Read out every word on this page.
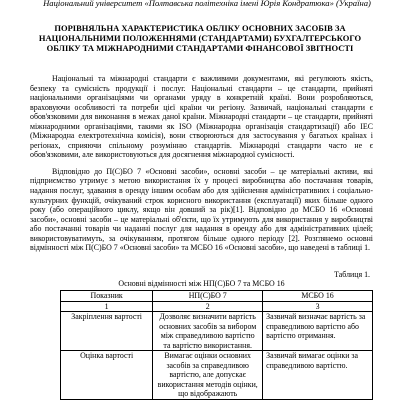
Національний університет «Полтавська політехніка імені Юрія Кондратюка» (Україна)
ПОРІВНЯЛЬНА ХАРАКТЕРИСТИКА ОБЛІКУ ОСНОВНИХ ЗАСОБІВ ЗА НАЦІОНАЛЬНИМИ ПОЛОЖЕННЯМИ (СТАНДАРТАМИ) БУХГАЛТЕРСЬКОГО ОБЛІКУ ТА МІЖНАРОДНИМИ СТАНДАРТАМИ ФІНАНСОВОЇ ЗВІТНОСТІ

Національні та міжнародні стандарти є важливими документами, які регулюють якість, безпеку та сумісність продукції і послуг. Національні стандарти – це стандарти, прийняті національними організаціями чи органами уряду в конкретній країні. Вони розробляються, враховуючи особливості та потреби цієї країни чи регіону. Зазвичай, національні стандарти є обов'язковими для виконання в межах даної країни. Міжнародні стандарти – це стандарти, прийняті міжнародними організаціями, такими як ISO (Міжнародна організація стандартизації) або IEC (Міжнародна електротехнічна комісія), вони створюються для застосування у багатьох країнах і регіонах, сприяючи спільному розумінню стандартів. Міжнародні стандарти часто не є обов'язковими, але використовуються для досягнення міжнародної сумісності.

Відповідно до П(С)БО 7 «Основні засоби», основні засоби – це матеріальні активи, які підприємство утримує з метою використання їх у процесі виробництва або постачання товарів, надання послуг, здавання в оренду іншим особам або для здійснення адміністративних і соціально-культурних функцій, очікуваний строк корисного використання (експлуатації) яких більше одного року (або операційного циклу, якщо він довший за рік)[1]. Відповідно до МСБО 16 «Основні засоби», основні засоби – це матеріальні об'єкти, що їх утримують для використання у виробництві або постачанні товарів чи наданні послуг для надання в оренду або для адміністративних цілей; використовуватимуть, за очікуванням, протягом більше одного періоду [2]. Розглянемо основні відмінності між П(С)БО 7 «Основні засоби» та МСБО 16 «Основні засоби», що наведені в таблиці 1.

Таблиця 1.
Основні відмінності між НП(С)БО 7 та МСБО 16
Показник	НП(С)БО 7	МСБО 16
1	2	3
Закріплення вартості	Дозволяє визначити вартість основних засобів за вибором між справедливою вартістю та вартістю використання.	Зазвичай визначає вартість за справедливою вартістю або вартістю отримання.
Оцінка вартості	Вимагає оцінки основних засобів за справедливою вартістю, але допускає використання методів оцінки, що відображають	Зазвичай вимагає оцінки за справедливою вартістю.
